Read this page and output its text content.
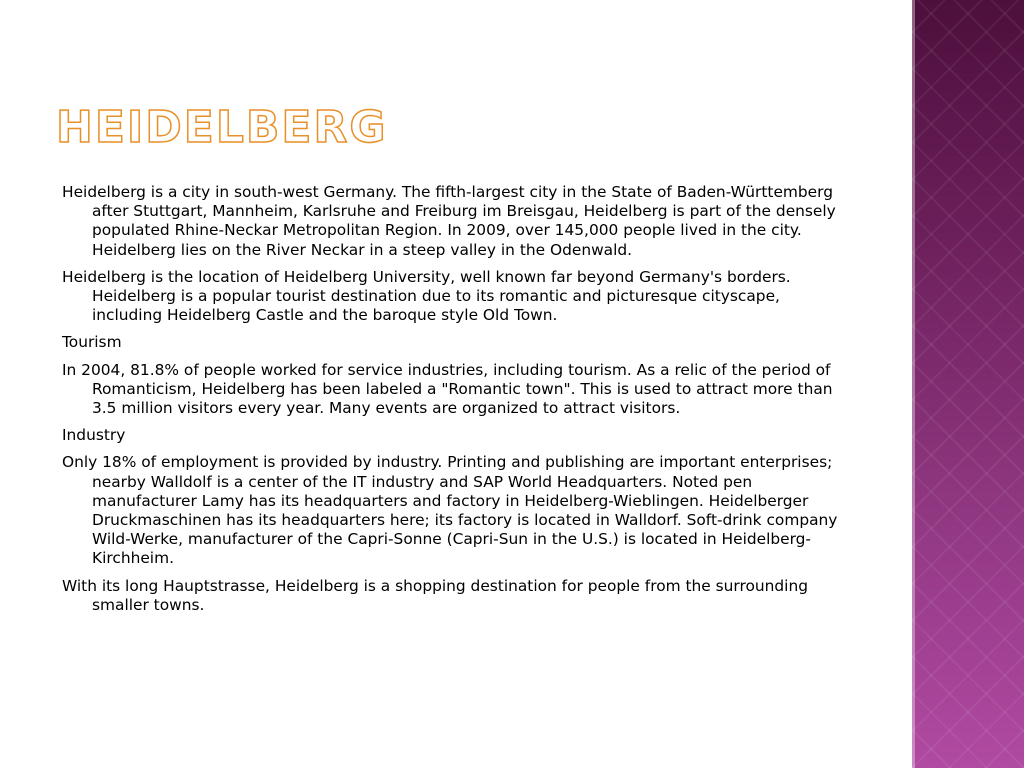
HEIDELBERG

Heidelberg is a city in south-west Germany. The fifth-largest city in the State of Baden-Württemberg after Stuttgart, Mannheim, Karlsruhe and Freiburg im Breisgau, Heidelberg is part of the densely populated Rhine-Neckar Metropolitan Region. In 2009, over 145,000 people lived in the city. Heidelberg lies on the River Neckar in a steep valley in the Odenwald.

Heidelberg is the location of Heidelberg University, well known far beyond Germany's borders. Heidelberg is a popular tourist destination due to its romantic and picturesque cityscape, including Heidelberg Castle and the baroque style Old Town.

Tourism

In 2004, 81.8% of people worked for service industries, including tourism. As a relic of the period of Romanticism, Heidelberg has been labeled a "Romantic town". This is used to attract more than 3.5 million visitors every year. Many events are organized to attract visitors.

Industry

Only 18% of employment is provided by industry. Printing and publishing are important enterprises; nearby Walldolf is a center of the IT industry and SAP World Headquarters. Noted pen manufacturer Lamy has its headquarters and factory in Heidelberg-Wieblingen. Heidelberger Druckmaschinen has its headquarters here; its factory is located in Walldorf. Soft-drink company Wild-Werke, manufacturer of the Capri-Sonne (Capri-Sun in the U.S.) is located in Heidelberg-Kirchheim.

With its long Hauptstrasse, Heidelberg is a shopping destination for people from the surrounding smaller towns.
